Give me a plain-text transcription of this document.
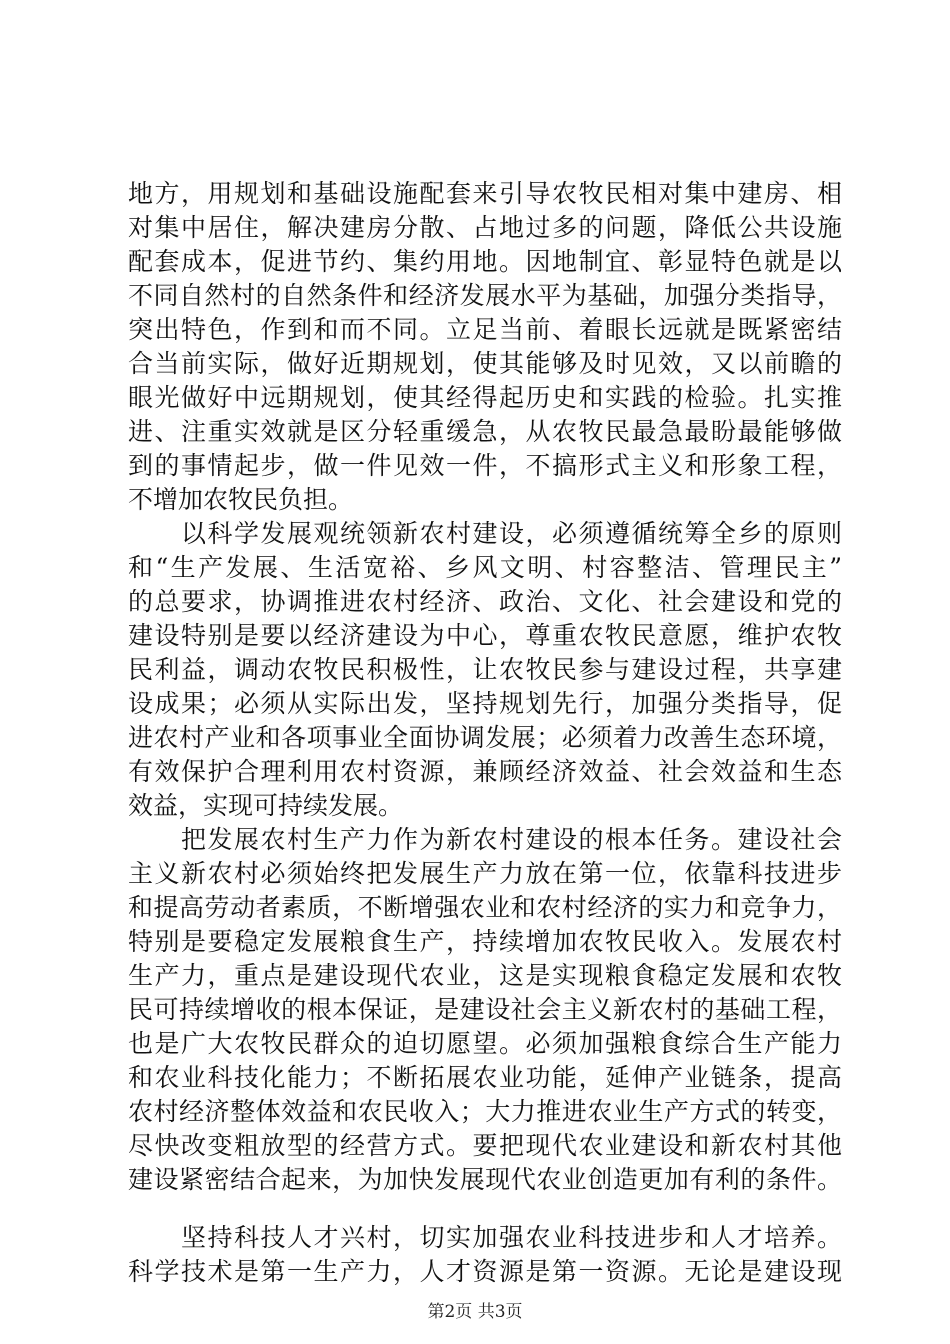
地方，用规划和基础设施配套来引导农牧民相对集中建房、相
对集中居住，解决建房分散、占地过多的问题，降低公共设施
配套成本，促进节约、集约用地。因地制宜、彰显特色就是以
不同自然村的自然条件和经济发展水平为基础，加强分类指导，
突出特色，作到和而不同。立足当前、着眼长远就是既紧密结
合当前实际，做好近期规划，使其能够及时见效，又以前瞻的
眼光做好中远期规划，使其经得起历史和实践的检验。扎实推
进、注重实效就是区分轻重缓急，从农牧民最急最盼最能够做
到的事情起步，做一件见效一件，不搞形式主义和形象工程，
不增加农牧民负担。
　　以科学发展观统领新农村建设，必须遵循统筹全乡的原则
和“生产发展、生活宽裕、乡风文明、村容整洁、管理民主”
的总要求，协调推进农村经济、政治、文化、社会建设和党的
建设特别是要以经济建设为中心，尊重农牧民意愿，维护农牧
民利益，调动农牧民积极性，让农牧民参与建设过程，共享建
设成果；必须从实际出发，坚持规划先行，加强分类指导，促
进农村产业和各项事业全面协调发展；必须着力改善生态环境，
有效保护合理利用农村资源，兼顾经济效益、社会效益和生态
效益，实现可持续发展。
　　把发展农村生产力作为新农村建设的根本任务。建设社会
主义新农村必须始终把发展生产力放在第一位，依靠科技进步
和提高劳动者素质，不断增强农业和农村经济的实力和竞争力，
特别是要稳定发展粮食生产，持续增加农牧民收入。发展农村
生产力，重点是建设现代农业，这是实现粮食稳定发展和农牧
民可持续增收的根本保证，是建设社会主义新农村的基础工程，
也是广大农牧民群众的迫切愿望。必须加强粮食综合生产能力
和农业科技化能力；不断拓展农业功能，延伸产业链条，提高
农村经济整体效益和农民收入；大力推进农业生产方式的转变，
尽快改变粗放型的经营方式。要把现代农业建设和新农村其他
建设紧密结合起来，为加快发展现代农业创造更加有利的条件。
第2页 共3页
　　坚持科技人才兴村，切实加强农业科技进步和人才培养。
科学技术是第一生产力，人才资源是第一资源。无论是建设现
